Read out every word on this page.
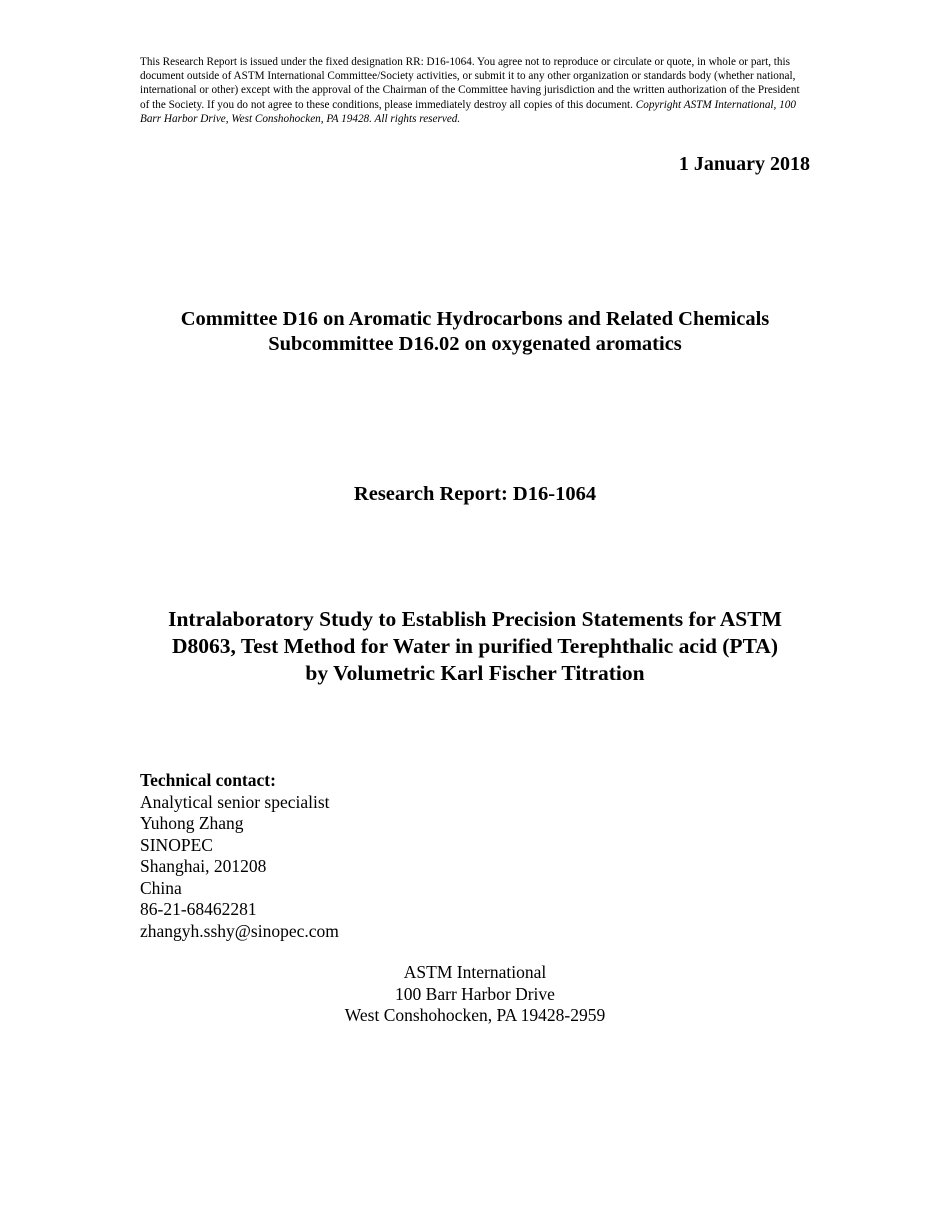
This Research Report is issued under the fixed designation RR: D16-1064. You agree not to reproduce or circulate or quote, in whole or part, this document outside of ASTM International Committee/Society activities, or submit it to any other organization or standards body (whether national, international or other) except with the approval of the Chairman of the Committee having jurisdiction and the written authorization of the President of the Society. If you do not agree to these conditions, please immediately destroy all copies of this document. Copyright ASTM International, 100 Barr Harbor Drive, West Conshohocken, PA 19428. All rights reserved.
1 January 2018
Committee D16 on Aromatic Hydrocarbons and Related Chemicals
Subcommittee D16.02 on oxygenated aromatics
Research Report: D16-1064
Intralaboratory Study to Establish Precision Statements for ASTM
D8063, Test Method for Water in purified Terephthalic acid (PTA)
by Volumetric Karl Fischer Titration
Technical contact:
Analytical senior specialist
Yuhong Zhang
SINOPEC
Shanghai, 201208
China
86-21-68462281
zhangyh.sshy@sinopec.com
ASTM International
100 Barr Harbor Drive
West Conshohocken, PA 19428-2959
